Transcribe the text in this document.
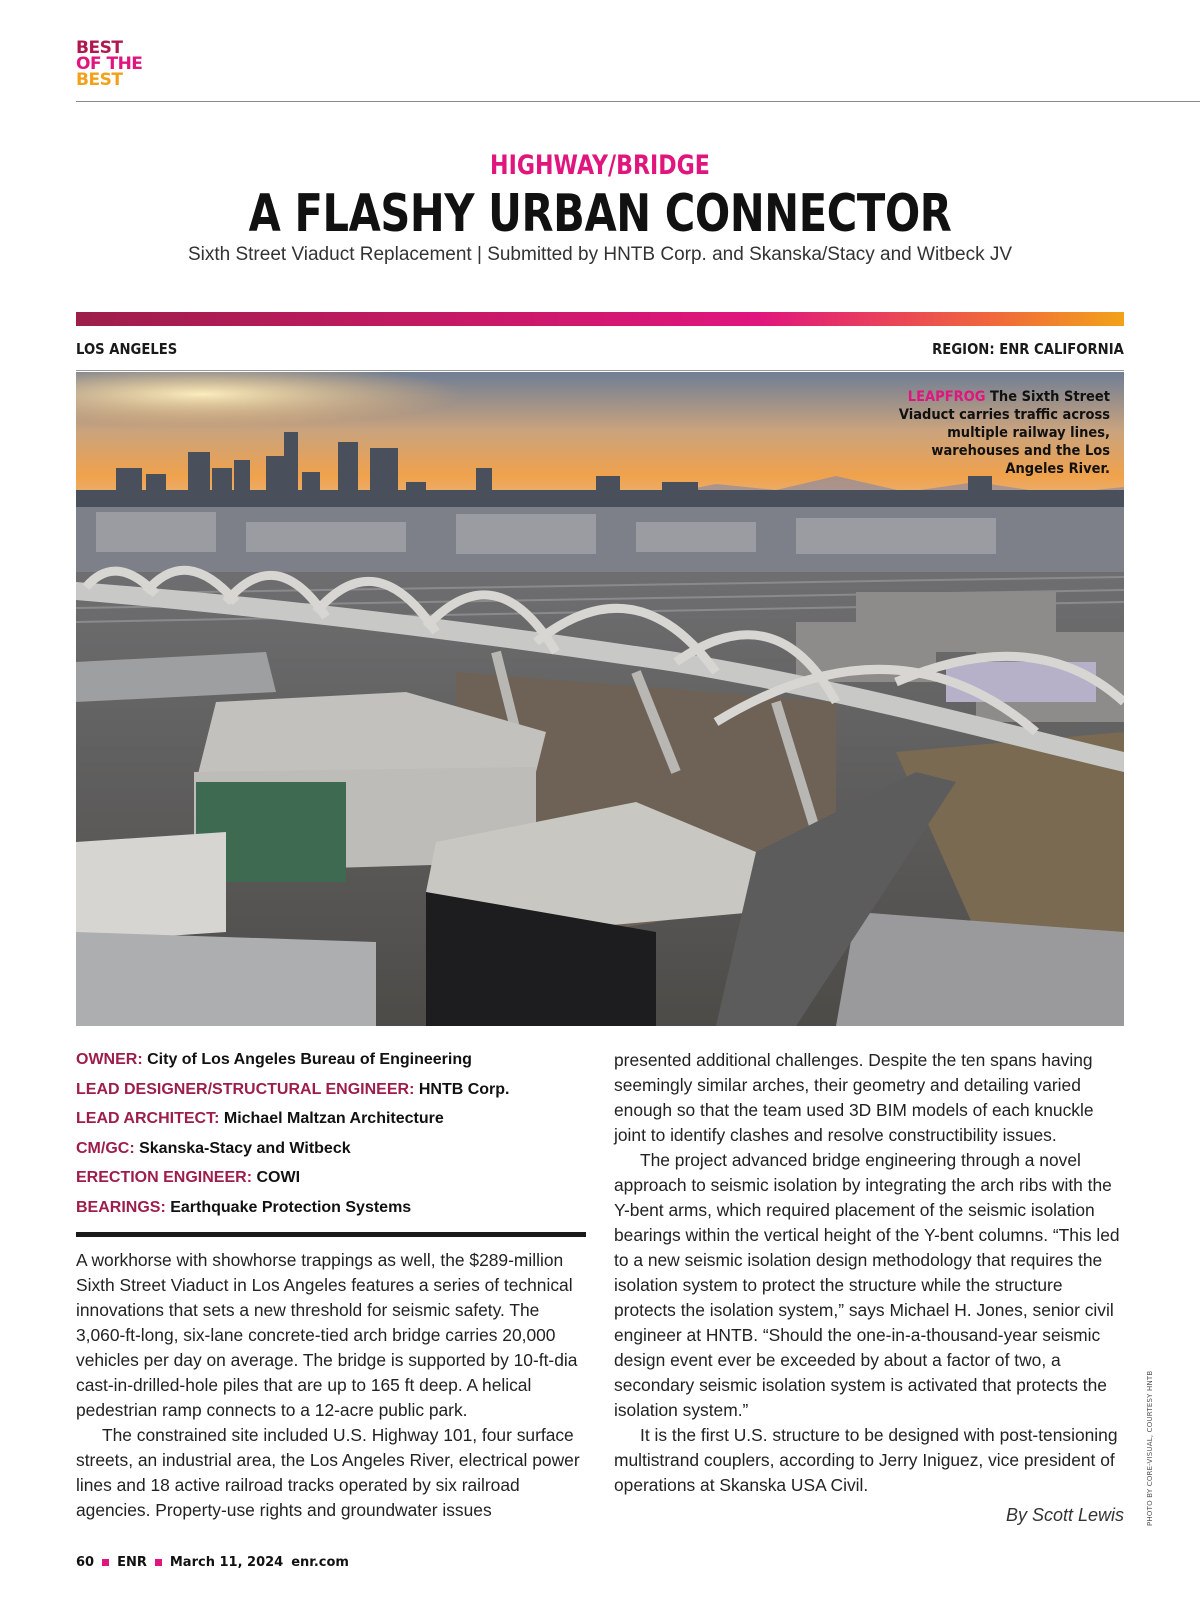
BEST
OF THE
BEST
HIGHWAY/BRIDGE
A FLASHY URBAN CONNECTOR
Sixth Street Viaduct Replacement | Submitted by HNTB Corp. and Skanska/Stacy and Witbeck JV
LOS ANGELES	REGION: ENR CALIFORNIA
LEAPFROG The Sixth Street Viaduct carries traffic across multiple railway lines, warehouses and the Los Angeles River.
OWNER: City of Los Angeles Bureau of Engineering
LEAD DESIGNER/STRUCTURAL ENGINEER: HNTB Corp.
LEAD ARCHITECT: Michael Maltzan Architecture
CM/GC: Skanska-Stacy and Witbeck
ERECTION ENGINEER: COWI
BEARINGS: Earthquake Protection Systems

A workhorse with showhorse trappings as well, the $289-million Sixth Street Viaduct in Los Angeles features a series of technical innovations that sets a new threshold for seismic safety. The 3,060-ft-long, six-lane concrete-tied arch bridge carries 20,000 vehicles per day on average. The bridge is supported by 10-ft-dia cast-in-drilled-hole piles that are up to 165 ft deep. A helical pedestrian ramp connects to a 12-acre public park.

The constrained site included U.S. Highway 101, four surface streets, an industrial area, the Los Angeles River, electrical power lines and 18 active railroad tracks operated by six railroad agencies. Property-use rights and groundwater issues

presented additional challenges. Despite the ten spans having seemingly similar arches, their geometry and detailing varied enough so that the team used 3D BIM models of each knuckle joint to identify clashes and resolve constructibility issues.

The project advanced bridge engineering through a novel approach to seismic isolation by integrating the arch ribs with the Y-bent arms, which required placement of the seismic isolation bearings within the vertical height of the Y-bent columns. “This led to a new seismic isolation design methodology that requires the isolation system to protect the structure while the structure protects the isolation system,” says Michael H. Jones, senior civil engineer at HNTB. “Should the one-in-a-thousand-year seismic design event ever be exceeded by about a factor of two, a secondary seismic isolation system is activated that protects the isolation system.”

It is the first U.S. structure to be designed with post-tensioning multistrand couplers, according to Jerry Iniguez, vice president of operations at Skanska USA Civil.

By Scott Lewis	PHOTO BY CORE-VISUAL, COURTESY HNTB
60 ENR March 11, 2024 enr.com
